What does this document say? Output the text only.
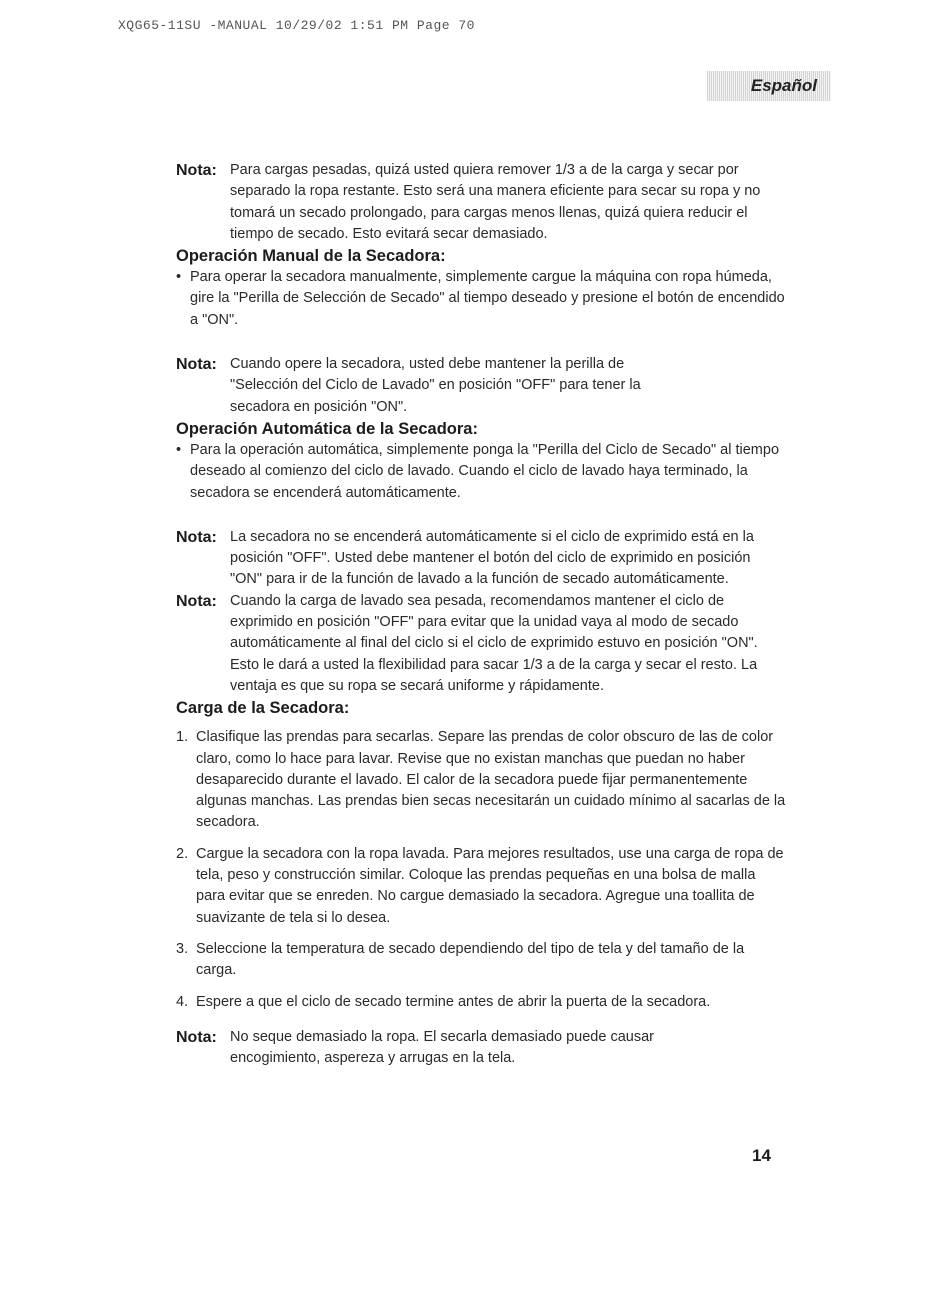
XQG65-11SU -MANUAL 10/29/02 1:51 PM Page 70
Español
Nota: Para cargas pesadas, quizá usted quiera remover 1/3 a de la carga y secar por separado la ropa restante. Esto será una manera eficiente para secar su ropa y no tomará un secado prolongado, para cargas menos llenas, quizá quiera reducir el tiempo de secado. Esto evitará secar demasiado.

Operación Manual de la Secadora:
• Para operar la secadora manualmente, simplemente cargue la máquina con ropa húmeda, gire la "Perilla de Selección de Secado" al tiempo deseado y presione el botón de encendido a "ON".

Nota: Cuando opere la secadora, usted debe mantener la perilla de "Selección del Ciclo de Lavado" en posición "OFF" para tener la secadora en posición "ON".

Operación Automática de la Secadora:
• Para la operación automática, simplemente ponga la "Perilla del Ciclo de Secado" al tiempo deseado al comienzo del ciclo de lavado. Cuando el ciclo de lavado haya terminado, la secadora se encenderá automáticamente.

Nota: La secadora no se encenderá automáticamente si el ciclo de exprimido está en la posición "OFF". Usted debe mantener el botón del ciclo de exprimido en posición "ON" para ir de la función de lavado a la función de secado automáticamente.

Nota: Cuando la carga de lavado sea pesada, recomendamos mantener el ciclo de exprimido en posición "OFF" para evitar que la unidad vaya al modo de secado automáticamente al final del ciclo si el ciclo de exprimido estuvo en posición "ON". Esto le dará a usted la flexibilidad para sacar 1/3 a de la carga y secar el resto. La ventaja es que su ropa se secará uniforme y rápidamente.

Carga de la Secadora:
1. Clasifique las prendas para secarlas. Separe las prendas de color obscuro de las de color claro, como lo hace para lavar. Revise que no existan manchas que puedan no haber desaparecido durante el lavado. El calor de la secadora puede fijar permanentemente algunas manchas. Las prendas bien secas necesitarán un cuidado mínimo al sacarlas de la secadora.

2. Cargue la secadora con la ropa lavada. Para mejores resultados, use una carga de ropa de tela, peso y construcción similar. Coloque las prendas pequeñas en una bolsa de malla para evitar que se enreden. No cargue demasiado la secadora. Agregue una toallita de suavizante de tela si lo desea.

3. Seleccione la temperatura de secado dependiendo del tipo de tela y del tamaño de la carga.

4. Espere a que el ciclo de secado termine antes de abrir la puerta de la secadora.

Nota: No seque demasiado la ropa. El secarla demasiado puede causar encogimiento, aspereza y arrugas en la tela.

14
